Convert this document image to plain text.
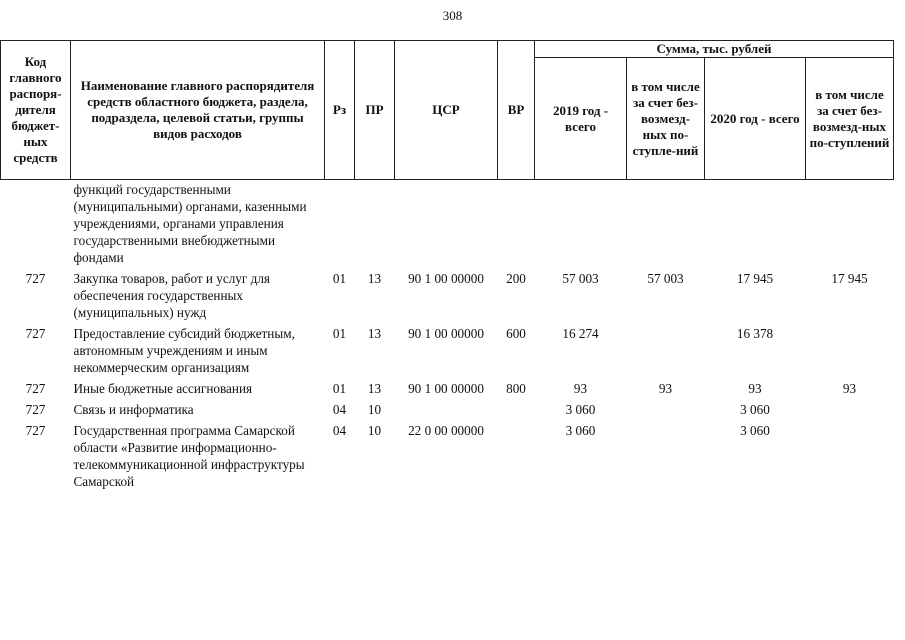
308
Код главного распоря-дителя бюджет-ных средств	Наименование главного распорядителя средств областного бюджета, раздела, подраздела, целевой статьи, группы видов расходов	Рз	ПР	ЦСР	ВР	Сумма, тыс. рублей			
						2019 год - всего	в том числе за счет без-возмезд-ных по-ступле-ний	2020 год - всего	в том числе за счет без-возмезд-ных по-ступлений
	функций государственными (муниципальными) органами, казенными учреждениями, органами управления государственными внебюджетными фондами								
727	Закупка товаров, работ и услуг для обеспечения государственных (муниципальных) нужд	01	13	90 1 00 00000	200	57 003	57 003	17 945	17 945
727	Предоставление субсидий бюджетным, автономным учреждениям и иным некоммерческим организациям	01	13	90 1 00 00000	600	16 274		16 378	
727	Иные бюджетные ассигнования	01	13	90 1 00 00000	800	93	93	93	93
727	Связь и информатика	04	10			3 060		3 060	
727	Государственная программа Самарской области «Развитие информационно-телекоммуникационной инфраструктуры Самарской	04	10	22 0 00 00000		3 060		3 060	
